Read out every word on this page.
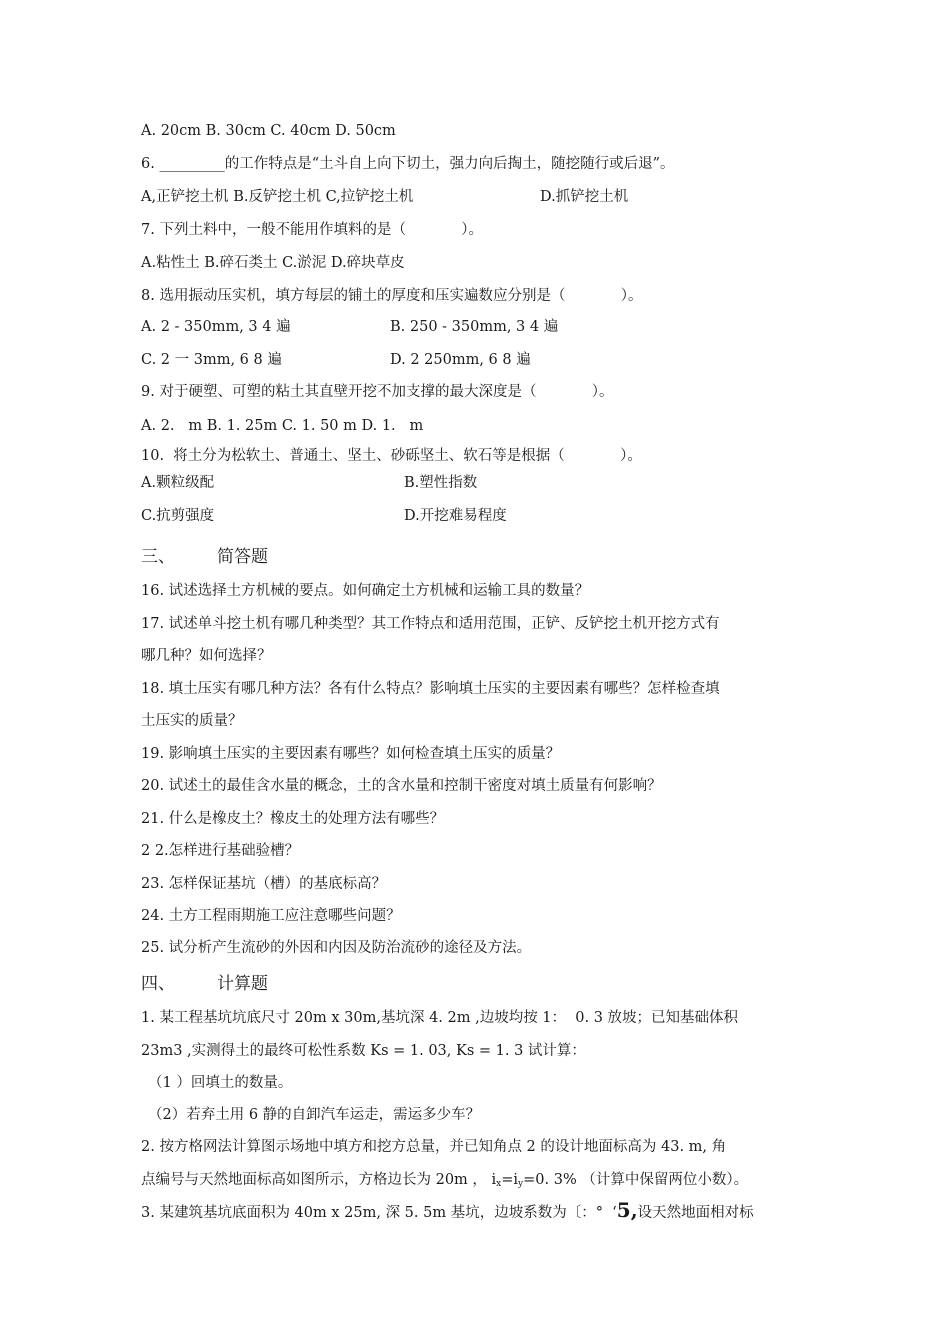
A. 20cm B. 30cm C. 40cm D. 50cm
6. _________的工作特点是“土斗自上向下切土，强力向后掏土，随挖随行或后退”。
A,正铲挖土机 B.反铲挖土机 C,拉铲挖土机	D.抓铲挖土机
7. 下列土料中，一般不能用作填料的是（            ）。
A.粘性土 B.碎石类土 C.淤泥 D.碎块草皮
8. 选用振动压实机，填方每层的铺土的厚度和压实遍数应分别是（            ）。
A. 2 - 350mm, 3 4 遍	B. 250 - 350mm, 3 4 遍
C. 2 一 3mm, 6 8 遍	D. 2 250mm, 6 8 遍
9. 对于硬塑、可塑的粘土其直壁开挖不加支撑的最大深度是（            ）。
A. 2.   m B. 1. 25m C. 1. 50 m D. 1.   m
10.  将土分为松软土、普通土、坚土、砂砾坚土、软石等是根据（            ）。
A.颗粒级配	B.塑性指数
C.抗剪强度	D.开挖难易程度
三、 简答题
16. 试述选择土方机械的要点。如何确定土方机械和运输工具的数量？
17. 试述单斗挖土机有哪几种类型？其工作特点和适用范围，正铲、反铲挖土机开挖方式有
哪几种？如何选择？
18. 填土压实有哪几种方法？各有什么特点？影响填土压实的主要因素有哪些？怎样检查填
土压实的质量？
19. 影响填土压实的主要因素有哪些？如何检查填土压实的质量？
20. 试述土的最佳含水量的概念，土的含水量和控制干密度对填土质量有何影响？
21. 什么是橡皮土？橡皮土的处理方法有哪些？
2 2.怎样进行基础验槽？
23. 怎样保证基坑（槽）的基底标高？
24. 土方工程雨期施工应注意哪些问题？
25. 试分析产生流砂的外因和内因及防治流砂的途径及方法。
四、 计算题
1. 某工程基坑坑底尺寸 20m x 30m,基坑深 4. 2m ,边坡均按 1：  0. 3 放坡；已知基础体积
23m3 ,实测得土的最终可松性系数 Ks = 1. 03, Ks = 1. 3 试计算：
（1 ）回填土的数量。
（2）若弃土用 6 静的自卸汽车运走，需运多少车？
2. 按方格网法计算图示场地中填方和挖方总量，并已知角点 2 的设计地面标高为 43. m, 角
点编号与天然地面标高如图所示，方格边长为 20m ， $i_x=i_y=0$. 3% （计算中保留两位小数）。
3. 某建筑基坑底面积为 40m x 25m, 深 5. 5m 基坑，边坡系数为〔：°  ‘5,设天然地面相对标
